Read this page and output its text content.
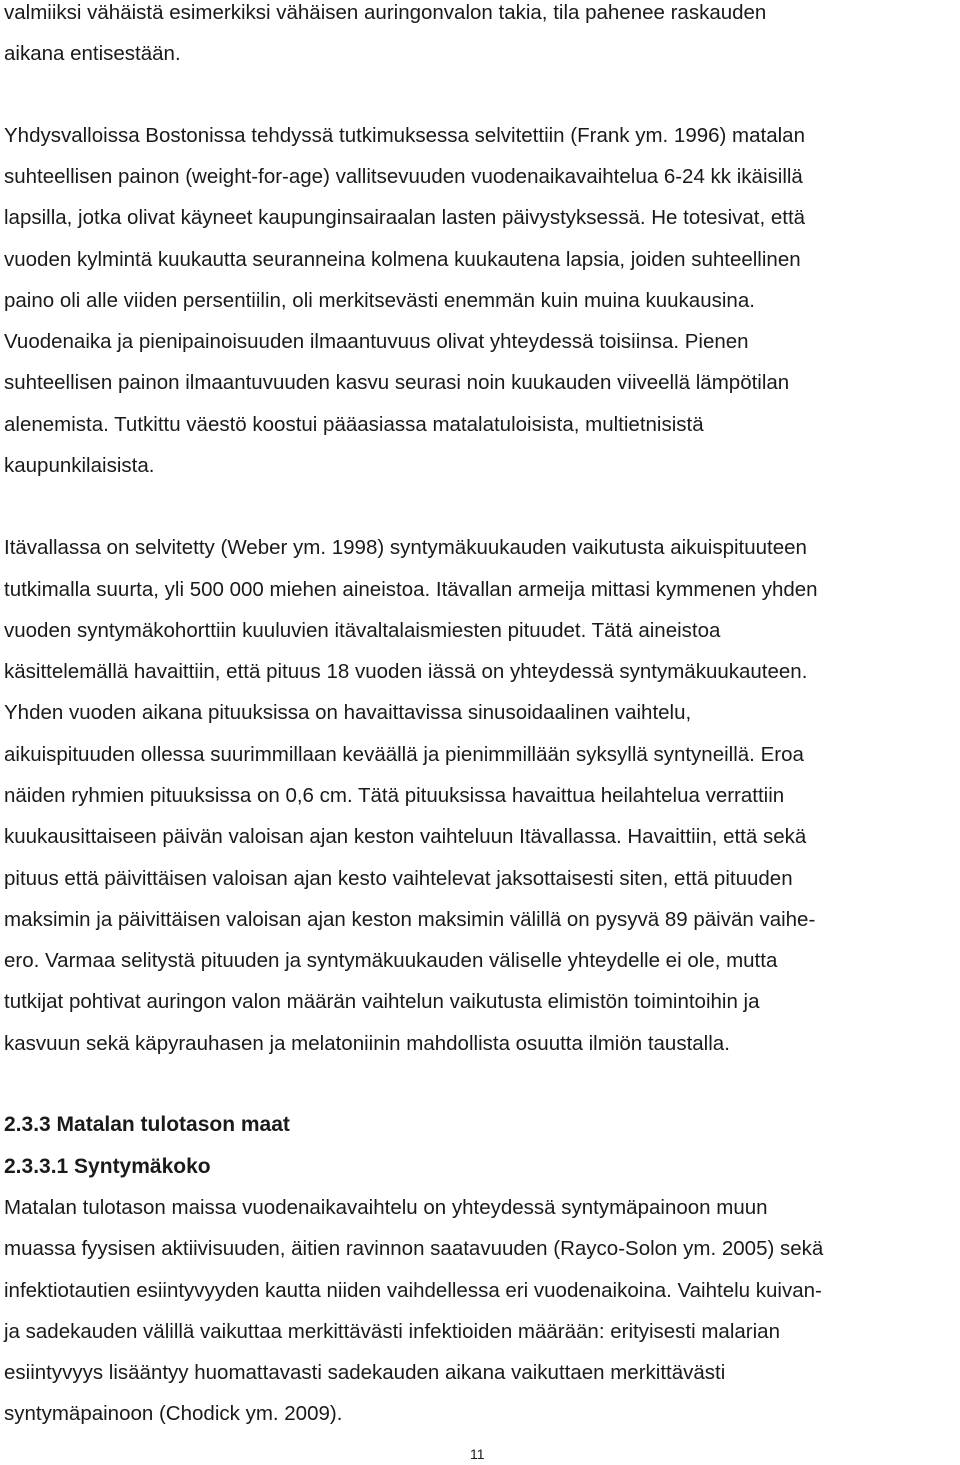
valmiiksi vähäistä esimerkiksi vähäisen auringonvalon takia, tila pahenee raskauden
aikana entisestään.
Yhdysvalloissa Bostonissa tehdyssä tutkimuksessa selvitettiin (Frank ym. 1996) matalan
suhteellisen painon (weight-for-age) vallitsevuuden vuodenaikavaihtelua 6-24 kk ikäisillä
lapsilla, jotka olivat käyneet kaupunginsairaalan lasten päivystyksessä. He totesivat, että
vuoden kylmintä kuukautta seuranneina kolmena kuukautena lapsia, joiden suhteellinen
paino oli alle viiden persentiilin, oli merkitsevästi enemmän kuin muina kuukausina.
Vuodenaika ja pienipainoisuuden ilmaantuvuus olivat yhteydessä toisiinsa. Pienen
suhteellisen painon ilmaantuvuuden kasvu seurasi noin kuukauden viiveellä lämpötilan
alenemista. Tutkittu väestö koostui pääasiassa matalatuloisista, multietnisistä
kaupunkilaisista.
Itävallassa on selvitetty (Weber ym. 1998) syntymäkuukauden vaikutusta aikuispituuteen
tutkimalla suurta, yli 500 000 miehen aineistoa. Itävallan armeija mittasi kymmenen yhden
vuoden syntymäkohorttiin kuuluvien itävaltalaismiesten pituudet. Tätä aineistoa
käsittelemällä havaittiin, että pituus 18 vuoden iässä on yhteydessä syntymäkuukauteen.
Yhden vuoden aikana pituuksissa on havaittavissa sinusoidaalinen vaihtelu,
aikuispituuden ollessa suurimmillaan keväällä ja pienimmillään syksyllä syntyneillä. Eroa
näiden ryhmien pituuksissa on 0,6 cm. Tätä pituuksissa havaittua heilahtelua verrattiin
kuukausittaiseen päivän valoisan ajan keston vaihteluun Itävallassa. Havaittiin, että sekä
pituus että päivittäisen valoisan ajan kesto vaihtelevat jaksottaisesti siten, että pituuden
maksimin ja päivittäisen valoisan ajan keston maksimin välillä on pysyvä 89 päivän vaihe-
ero. Varmaa selitystä pituuden ja syntymäkuukauden väliselle yhteydelle ei ole, mutta
tutkijat pohtivat auringon valon määrän vaihtelun vaikutusta elimistön toimintoihin ja
kasvuun sekä käpyrauhasen ja melatoniinin mahdollista osuutta ilmiön taustalla.
2.3.3 Matalan tulotason maat
2.3.3.1 Syntymäkoko
Matalan tulotason maissa vuodenaikavaihtelu on yhteydessä syntymäpainoon muun
muassa fyysisen aktiivisuuden, äitien ravinnon saatavuuden (Rayco-Solon ym. 2005) sekä
infektiotautien esiintyvyyden kautta niiden vaihdellessa eri vuodenaikoina. Vaihtelu kuivan-
ja sadekauden välillä vaikuttaa merkittävästi infektioiden määrään: erityisesti malarian
esiintyvyys lisääntyy huomattavasti sadekauden aikana vaikuttaen merkittävästi
syntymäpainoon (Chodick ym. 2009).
11
